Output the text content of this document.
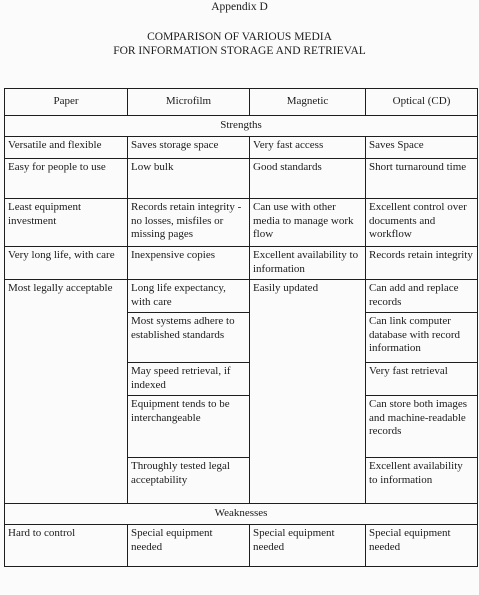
Appendix D
COMPARISON OF VARIOUS MEDIA
FOR INFORMATION STORAGE AND RETRIEVAL
Paper	Microfilm	Magnetic	Optical (CD)
Strengths			
Versatile and flexible	Saves storage space	Very fast access	Saves Space
Easy for people to use	Low bulk	Good standards	Short turnaround time
Least equipment investment	Records retain integrity - no losses, misfiles or missing pages	Can use with other media to manage work flow	Excellent control over documents and workflow
Very long life, with care	Inexpensive copies	Excellent availability to information	Records retain integrity
Most legally acceptable	Long life expectancy, with care	Easily updated	Can add and replace records
	Most systems adhere to established standards		Can link computer database with record information
	May speed retrieval, if indexed		Very fast retrieval
	Equipment tends to be interchangeable		Can store both images and machine-readable records
	Throughly tested legal acceptability		Excellent availability to information
Weaknesses			
Hard to control	Special equipment needed	Special equipment needed	Special equipment needed
